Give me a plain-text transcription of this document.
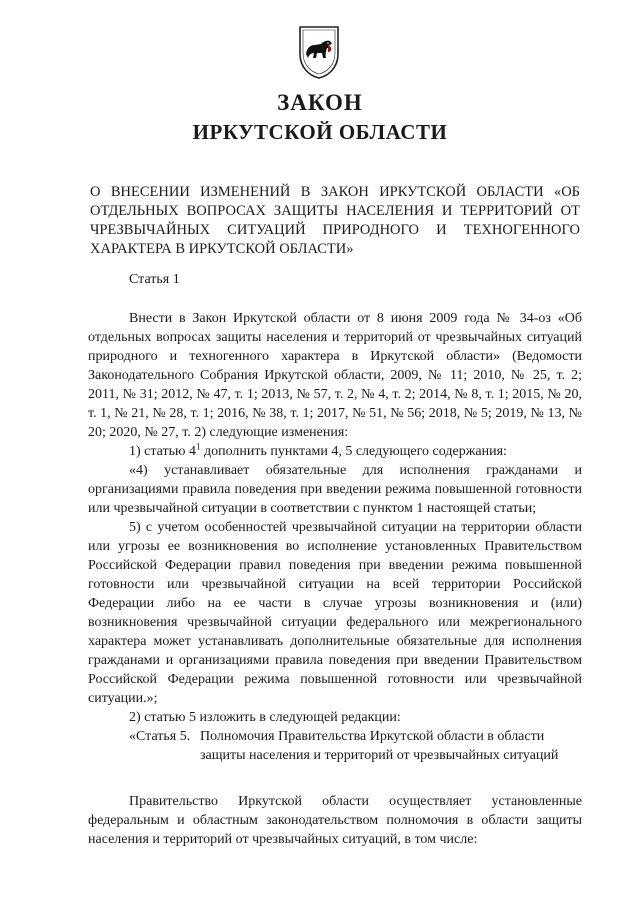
ЗАКОН
ИРКУТСКОЙ ОБЛАСТИ

О ВНЕСЕНИИ ИЗМЕНЕНИЙ В ЗАКОН ИРКУТСКОЙ ОБЛАСТИ «ОБ ОТДЕЛЬНЫХ ВОПРОСАХ ЗАЩИТЫ НАСЕЛЕНИЯ И ТЕРРИТОРИЙ ОТ ЧРЕЗВЫЧАЙНЫХ СИТУАЦИЙ ПРИРОДНОГО И ТЕХНОГЕННОГО ХАРАКТЕРА В ИРКУТСКОЙ ОБЛАСТИ»

Статья 1

Внести в Закон Иркутской области от 8 июня 2009 года № 34-оз «Об отдельных вопросах защиты населения и территорий от чрезвычайных ситуаций природного и техногенного характера в Иркутской области» (Ведомости Законодательного Собрания Иркутской области, 2009, № 11; 2010, № 25, т. 2; 2011, № 31; 2012, № 47, т. 1; 2013, № 57, т. 2, № 4, т. 2; 2014, № 8, т. 1; 2015, № 20, т. 1, № 21, № 28, т. 1; 2016, № 38, т. 1; 2017, № 51, № 56; 2018, № 5; 2019, № 13, № 20; 2020, № 27, т. 2) следующие изменения:

1) статью $4^1$ дополнить пунктами 4, 5 следующего содержания:

«4) устанавливает обязательные для исполнения гражданами и организациями правила поведения при введении режима повышенной готовности или чрезвычайной ситуации в соответствии с пунктом 1 настоящей статьи;

5) с учетом особенностей чрезвычайной ситуации на территории области или угрозы ее возникновения во исполнение установленных Правительством Российской Федерации правил поведения при введении режима повышенной готовности или чрезвычайной ситуации на всей территории Российской Федерации либо на ее части в случае угрозы возникновения и (или) возникновения чрезвычайной ситуации федерального или межрегионального характера может устанавливать дополнительные обязательные для исполнения гражданами и организациями правила поведения при введении Правительством Российской Федерации режима повышенной готовности или чрезвычайной ситуации.»;

2) статью 5 изложить в следующей редакции:

«Статья 5. Полномочия Правительства Иркутской области в области
защиты населения и территорий от чрезвычайных ситуаций

Правительство Иркутской области осуществляет установленные федеральным и областным законодательством полномочия в области защиты населения и территорий от чрезвычайных ситуаций, в том числе:
